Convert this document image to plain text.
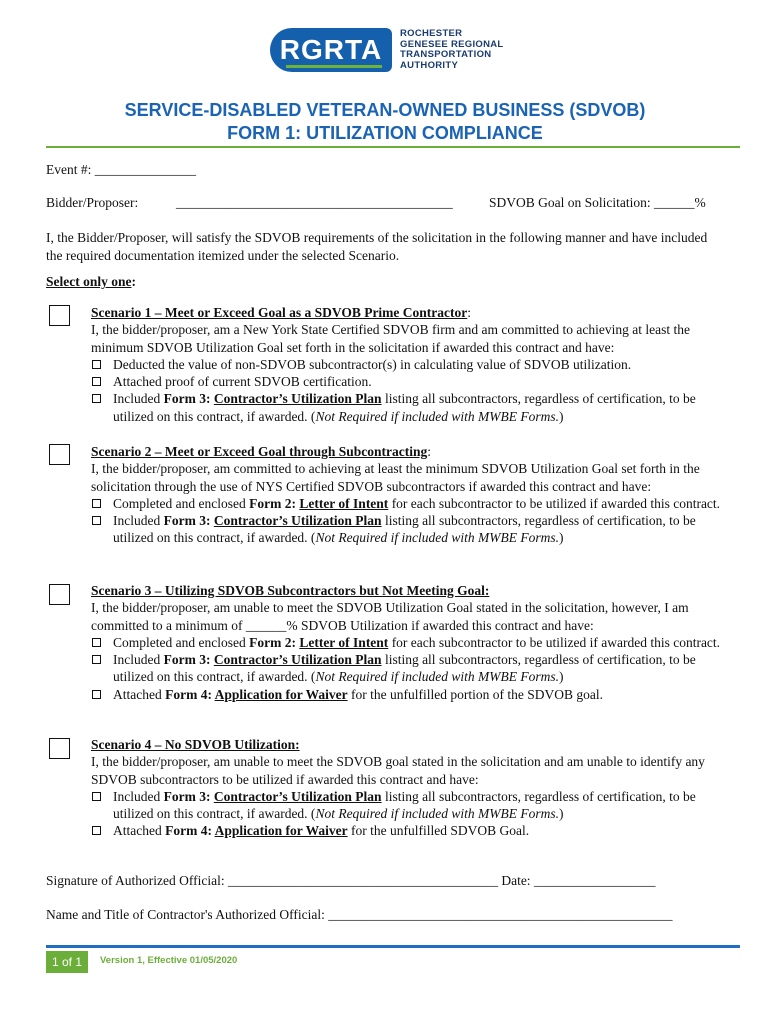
RGRTA
ROCHESTER
GENESEE REGIONAL
TRANSPORTATION
AUTHORITY
SERVICE-DISABLED VETERAN-OWNED BUSINESS (SDVOB)
FORM 1: UTILIZATION COMPLIANCE
Event #: _______________
Bidder/Proposer:	_________________________________________	SDVOB Goal on Solicitation: ______%
I, the Bidder/Proposer, will satisfy the SDVOB requirements of the solicitation in the following manner and have included the required documentation itemized under the selected Scenario.
Select only one:
Scenario 1 – Meet or Exceed Goal as a SDVOB Prime Contractor:
I, the bidder/proposer, am a New York State Certified SDVOB firm and am committed to achieving at least the minimum SDVOB Utilization Goal set forth in the solicitation if awarded this contract and have:
Deducted the value of non-SDVOB subcontractor(s) in calculating value of SDVOB utilization.
Attached proof of current SDVOB certification.
Included Form 3: Contractor’s Utilization Plan listing all subcontractors, regardless of certification, to be utilized on this contract, if awarded. (Not Required if included with MWBE Forms.)
Scenario 2 – Meet or Exceed Goal through Subcontracting:
I, the bidder/proposer, am committed to achieving at least the minimum SDVOB Utilization Goal set forth in the solicitation through the use of NYS Certified SDVOB subcontractors if awarded this contract and have:
Completed and enclosed Form 2: Letter of Intent for each subcontractor to be utilized if awarded this contract.
Included Form 3: Contractor’s Utilization Plan listing all subcontractors, regardless of certification, to be utilized on this contract, if awarded. (Not Required if included with MWBE Forms.)
Scenario 3 – Utilizing SDVOB Subcontractors but Not Meeting Goal:
I, the bidder/proposer, am unable to meet the SDVOB Utilization Goal stated in the solicitation, however, I am committed to a minimum of ______% SDVOB Utilization if awarded this contract and have:
Completed and enclosed Form 2: Letter of Intent for each subcontractor to be utilized if awarded this contract.
Included Form 3: Contractor’s Utilization Plan listing all subcontractors, regardless of certification, to be utilized on this contract, if awarded. (Not Required if included with MWBE Forms.)
Attached Form 4: Application for Waiver for the unfulfilled portion of the SDVOB goal.
Scenario 4 – No SDVOB Utilization:
I, the bidder/proposer, am unable to meet the SDVOB goal stated in the solicitation and am unable to identify any SDVOB subcontractors to be utilized if awarded this contract and have:
Included Form 3: Contractor’s Utilization Plan listing all subcontractors, regardless of certification, to be utilized on this contract, if awarded. (Not Required if included with MWBE Forms.)
Attached Form 4: Application for Waiver for the unfulfilled SDVOB Goal.
Signature of Authorized Official: ________________________________________ Date: __________________
Name and Title of Contractor's Authorized Official: ___________________________________________________
1 of 1	Version 1, Effective 01/05/2020
